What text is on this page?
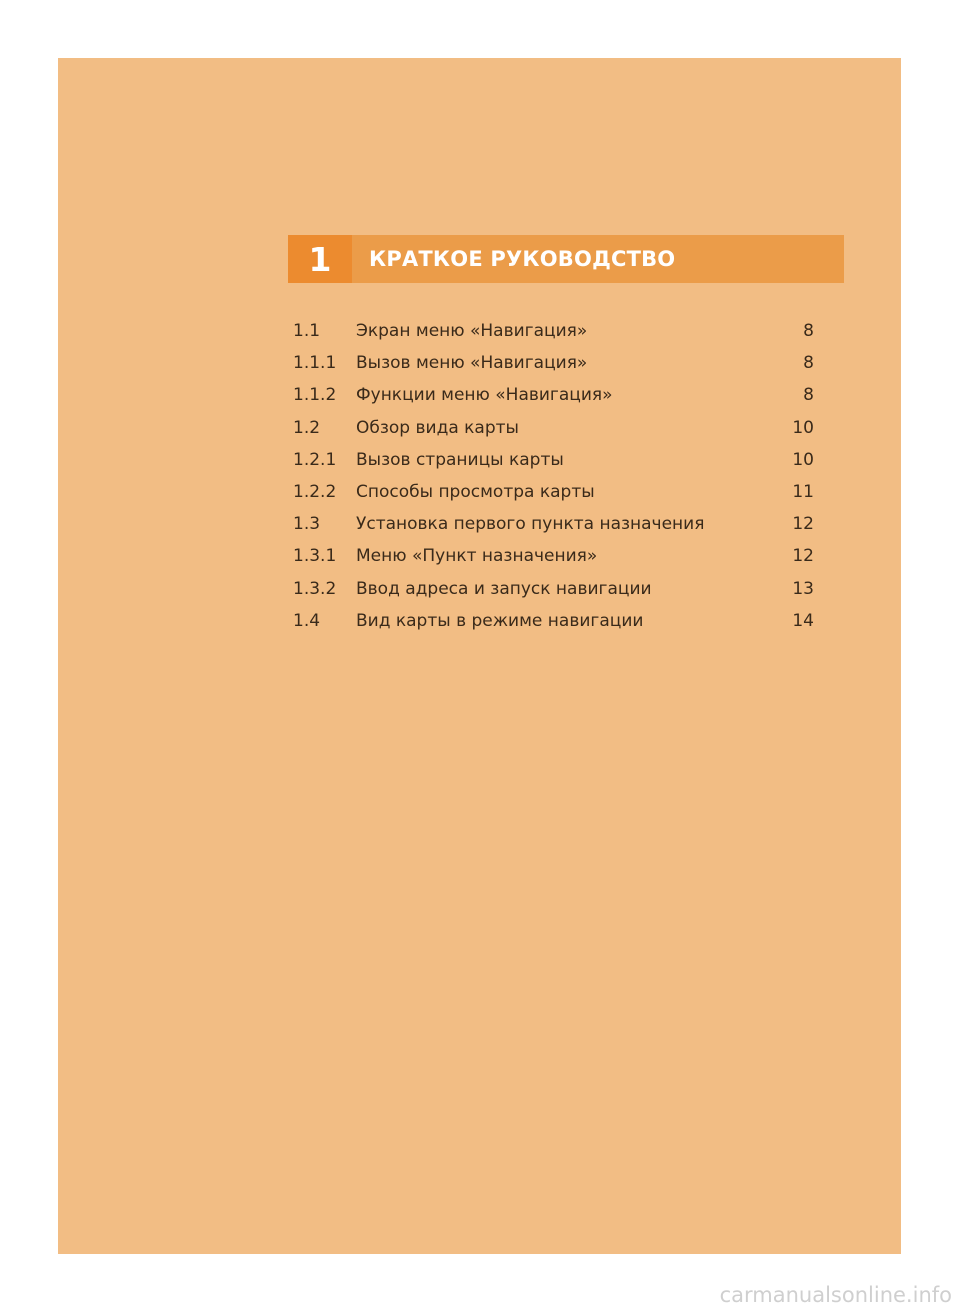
1	КРАТКОЕ РУКОВОДСТВО
1.1	Экран меню «Навигация»	8
1.1.1	Вызов меню «Навигация»	8
1.1.2	Функции меню «Навигация»	8
1.2	Обзор вида карты	10
1.2.1	Вызов страницы карты	10
1.2.2	Способы просмотра карты	11
1.3	Установка первого пункта назначения	12
1.3.1	Меню «Пункт назначения»	12
1.3.2	Ввод адреса и запуск навигации	13
1.4	Вид карты в режиме навигации	14
carmanualsonline.info
